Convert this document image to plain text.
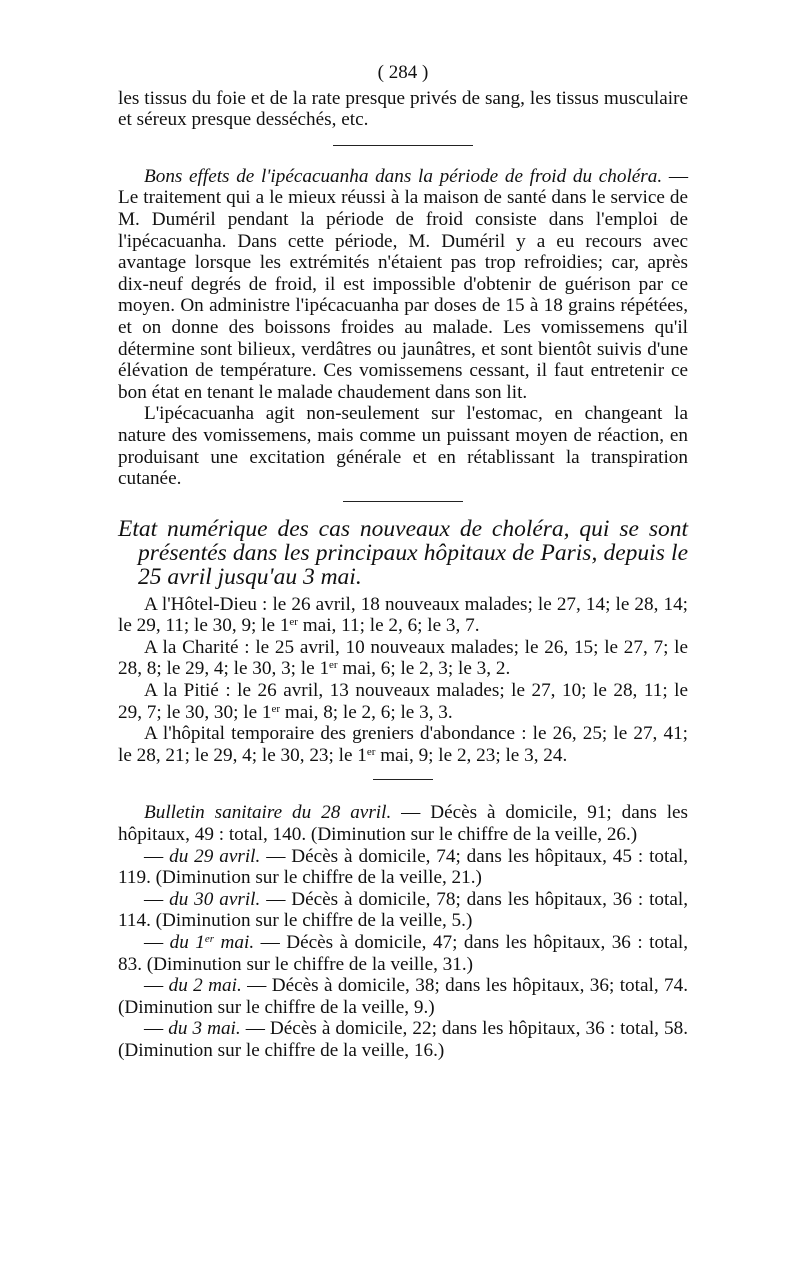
( 284 )

les tissus du foie et de la rate presque privés de sang, les tissus musculaire et séreux presque desséchés, etc.

Bons effets de l'ipécacuanha dans la période de froid du choléra. — Le traitement qui a le mieux réussi à la maison de santé dans le service de M. Duméril pendant la période de froid consiste dans l'emploi de l'ipécacuanha. Dans cette période, M. Duméril y a eu recours avec avantage lorsque les extrémités n'étaient pas trop refroidies; car, après dix-neuf degrés de froid, il est impossible d'obtenir de guérison par ce moyen. On administre l'ipécacuanha par doses de 15 à 18 grains répétées, et on donne des boissons froides au malade. Les vomissemens qu'il détermine sont bilieux, verdâtres ou jaunâtres, et sont bientôt suivis d'une élévation de température. Ces vomissemens cessant, il faut entretenir ce bon état en tenant le malade chaudement dans son lit.

L'ipécacuanha agit non-seulement sur l'estomac, en changeant la nature des vomissemens, mais comme un puissant moyen de réaction, en produisant une excitation générale et en rétablissant la transpiration cutanée.

Etat numérique des cas nouveaux de choléra, qui se sont présentés dans les principaux hôpitaux de Paris, depuis le 25 avril jusqu'au 3 mai.

A l'Hôtel-Dieu : le 26 avril, 18 nouveaux malades; le 27, 14; le 28, 14; le 29, 11; le 30, 9; le 1er mai, 11; le 2, 6; le 3, 7.

A la Charité : le 25 avril, 10 nouveaux malades; le 26, 15; le 27, 7; le 28, 8; le 29, 4; le 30, 3; le 1er mai, 6; le 2, 3; le 3, 2.

A la Pitié : le 26 avril, 13 nouveaux malades; le 27, 10; le 28, 11; le 29, 7; le 30, 30; le 1er mai, 8; le 2, 6; le 3, 3.

A l'hôpital temporaire des greniers d'abondance : le 26, 25; le 27, 41; le 28, 21; le 29, 4; le 30, 23; le 1er mai, 9; le 2, 23; le 3, 24.

Bulletin sanitaire du 28 avril. — Décès à domicile, 91; dans les hôpitaux, 49 : total, 140. (Diminution sur le chiffre de la veille, 26.)

— du 29 avril. — Décès à domicile, 74; dans les hôpitaux, 45 : total, 119. (Diminution sur le chiffre de la veille, 21.)

— du 30 avril. — Décès à domicile, 78; dans les hôpitaux, 36 : total, 114. (Diminution sur le chiffre de la veille, 5.)

— du 1er mai. — Décès à domicile, 47; dans les hôpitaux, 36 : total, 83. (Diminution sur le chiffre de la veille, 31.)

— du 2 mai. — Décès à domicile, 38; dans les hôpitaux, 36; total, 74. (Diminution sur le chiffre de la veille, 9.)

— du 3 mai. — Décès à domicile, 22; dans les hôpitaux, 36 : total, 58. (Diminution sur le chiffre de la veille, 16.)
